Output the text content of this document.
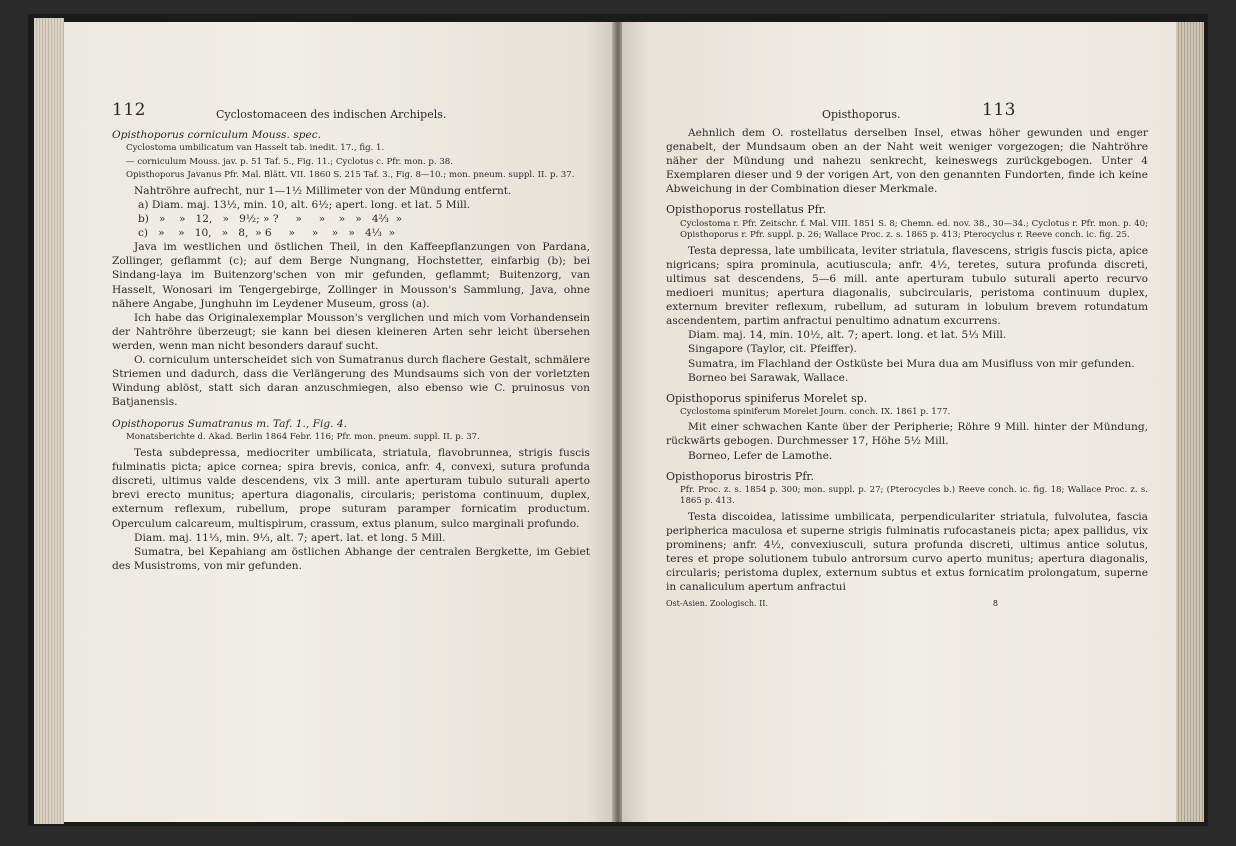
112	Cyclostomaceen des indischen Archipels.

Opisthoporus corniculum Mouss. spec.

Cyclostoma umbilicatum van Hasselt tab. inedit. 17., fig. 1.

— corniculum Mouss. jav. p. 51 Taf. 5., Fig. 11.; Cyclotus c. Pfr. mon. p. 38.

Opisthoporus Javanus Pfr. Mal. Blätt. VII. 1860 S. 215 Taf. 3., Fig. 8—10.; mon. pneum. suppl. II. p. 37.

Nahtröhre aufrecht, nur 1—1½ Millimeter von der Mündung entfernt.

a) Diam. maj. 13½, min. 10, alt. 6½; apert. long. et lat. 5 Mill.

b)   »    »   12,   »   9½; » ?     »     »    »   »   4⅔  »

c)   »    »   10,   »   8,  » 6     »     »    »   »   4⅓  »

Java im westlichen und östlichen Theil, in den Kaffeepflanzungen von Pardana, Zollinger, geflammt (c); auf dem Berge Nungnang, Hochstetter, einfarbig (b); bei Sindang-laya im Buitenzorg'schen von mir gefunden, geflammt; Buitenzorg, van Hasselt, Wonosari im Tengergebirge, Zollinger in Mousson's Sammlung, Java, ohne nähere Angabe, Junghuhn im Leydener Museum, gross (a).

Ich habe das Originalexemplar Mousson's verglichen und mich vom Vorhandensein der Nahtröhre überzeugt; sie kann bei diesen kleineren Arten sehr leicht übersehen werden, wenn man nicht besonders darauf sucht.

O. corniculum unterscheidet sich von Sumatranus durch flachere Gestalt, schmälere Striemen und dadurch, dass die Verlängerung des Mundsaums sich von der vorletzten Windung ablöst, statt sich daran anzuschmiegen, also ebenso wie C. pruinosus von Batjanensis.

Opisthoporus Sumatranus m. Taf. 1., Fig. 4.

Monatsberichte d. Akad. Berlin 1864 Febr. 116; Pfr. mon. pneum. suppl. II. p. 37.

Testa subdepressa, mediocriter umbilicata, striatula, flavobrunnea, strigis fuscis fulminatis picta; apice cornea; spira brevis, conica, anfr. 4, convexi, sutura profunda discreti, ultimus valde descendens, vix 3 mill. ante aperturam tubulo suturali aperto brevi erecto munitus; apertura diagonalis, circularis; peristoma continuum, duplex, externum reflexum, rubellum, prope suturam paramper fornicatim productum. Operculum calcareum, multispirum, crassum, extus planum, sulco marginali profundo.

Diam. maj. 11⅓, min. 9⅓, alt. 7; apert. lat. et long. 5 Mill.

Sumatra, bei Kepahiang am östlichen Abhange der centralen Bergkette, im Gebiet des Musistroms, von mir gefunden.

Opisthoporus.	113

Aehnlich dem O. rostellatus derselben Insel, etwas höher gewunden und enger genabelt, der Mundsaum oben an der Naht weit weniger vorgezogen; die Nahtröhre näher der Mündung und nahezu senkrecht, keineswegs zurückgebogen. Unter 4 Exemplaren dieser und 9 der vorigen Art, von den genannten Fundorten, finde ich keine Abweichung in der Combination dieser Merkmale.

Opisthoporus rostellatus Pfr.

Cyclostoma r. Pfr. Zeitschr. f. Mal. VIII. 1851 S. 8; Chemn. ed. nov. 38., 30—34.; Cyclotus r. Pfr. mon. p. 40; Opisthoporus r. Pfr. suppl. p. 26; Wallace Proc. z. s. 1865 p. 413; Pterocyclus r. Reeve conch. ic. fig. 25.

Testa depressa, late umbilicata, leviter striatula, flavescens, strigis fuscis picta, apice nigricans; spira prominula, acutiuscula; anfr. 4½, teretes, sutura profunda discreti, ultimus sat descendens, 5—6 mill. ante aperturam tubulo suturali aperto recurvo medioeri munitus; apertura diagonalis, subcircularis, peristoma continuum duplex, externum breviter reflexum, rubellum, ad suturam in lobulum brevem rotundatum ascendentem, partim anfractui penultimo adnatum excurrens.

Diam. maj. 14, min. 10½, alt. 7; apert. long. et lat. 5⅓ Mill.

Singapore (Taylor, cit. Pfeiffer).

Sumatra, im Flachland der Ostküste bei Mura dua am Musifluss von mir gefunden.

Borneo bei Sarawak, Wallace.

Opisthoporus spiniferus Morelet sp.

Cyclostoma spiniferum Morelet Journ. conch. IX. 1861 p. 177.

Mit einer schwachen Kante über der Peripherie; Röhre 9 Mill. hinter der Mündung, rückwärts gebogen. Durchmesser 17, Höhe 5½ Mill.

Borneo, Lefer de Lamothe.

Opisthoporus birostris Pfr.

Pfr. Proc. z. s. 1854 p. 300; mon. suppl. p. 27; (Pterocycles b.) Reeve conch. ic. fig. 18; Wallace Proc. z. s. 1865 p. 413.

Testa discoidea, latissime umbilicata, perpendiculariter striatula, fulvolutea, fascia peripherica maculosa et superne strigis fulminatis rufocastaneis picta; apex pallidus, vix prominens; anfr. 4½, convexiusculi, sutura profunda discreti, ultimus antice solutus, teres et prope solutionem tubulo antrorsum curvo aperto munitus; apertura diagonalis, circularis; peristoma duplex, externum subtus et extus fornicatim prolongatum, superne in canaliculum apertum anfractui

Ost-Asien. Zoologisch. II.	8
